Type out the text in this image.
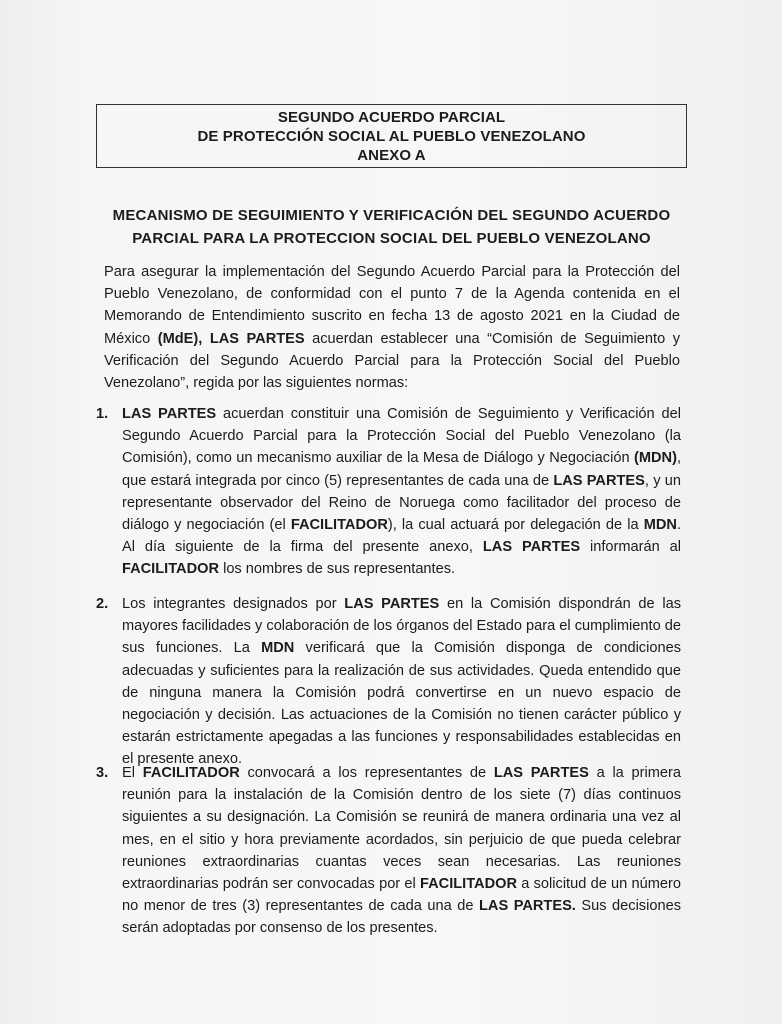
SEGUNDO ACUERDO PARCIAL
DE PROTECCIÓN SOCIAL AL PUEBLO VENEZOLANO
ANEXO A
MECANISMO DE SEGUIMIENTO Y VERIFICACIÓN DEL SEGUNDO ACUERDO
PARCIAL PARA LA PROTECCION SOCIAL DEL PUEBLO VENEZOLANO
Para asegurar la implementación del Segundo Acuerdo Parcial para la Protección del Pueblo Venezolano, de conformidad con el punto 7 de la Agenda contenida en el Memorando de Entendimiento suscrito en fecha 13 de agosto 2021 en la Ciudad de México (MdE), LAS PARTES acuerdan establecer una “Comisión de Seguimiento y Verificación del Segundo Acuerdo Parcial para la Protección Social del Pueblo Venezolano”, regida por las siguientes normas:
1. LAS PARTES acuerdan constituir una Comisión de Seguimiento y Verificación del Segundo Acuerdo Parcial para la Protección Social del Pueblo Venezolano (la Comisión), como un mecanismo auxiliar de la Mesa de Diálogo y Negociación (MDN), que estará integrada por cinco (5) representantes de cada una de LAS PARTES, y un representante observador del Reino de Noruega como facilitador del proceso de diálogo y negociación (el FACILITADOR), la cual actuará por delegación de la MDN. Al día siguiente de la firma del presente anexo, LAS PARTES informarán al FACILITADOR los nombres de sus representantes.
2. Los integrantes designados por LAS PARTES en la Comisión dispondrán de las mayores facilidades y colaboración de los órganos del Estado para el cumplimiento de sus funciones. La MDN verificará que la Comisión disponga de condiciones adecuadas y suficientes para la realización de sus actividades. Queda entendido que de ninguna manera la Comisión podrá convertirse en un nuevo espacio de negociación y decisión. Las actuaciones de la Comisión no tienen carácter público y estarán estrictamente apegadas a las funciones y responsabilidades establecidas en el presente anexo.
3. El FACILITADOR convocará a los representantes de LAS PARTES a la primera reunión para la instalación de la Comisión dentro de los siete (7) días continuos siguientes a su designación. La Comisión se reunirá de manera ordinaria una vez al mes, en el sitio y hora previamente acordados, sin perjuicio de que pueda celebrar reuniones extraordinarias cuantas veces sean necesarias. Las reuniones extraordinarias podrán ser convocadas por el FACILITADOR a solicitud de un número no menor de tres (3) representantes de cada una de LAS PARTES. Sus decisiones serán adoptadas por consenso de los presentes.
